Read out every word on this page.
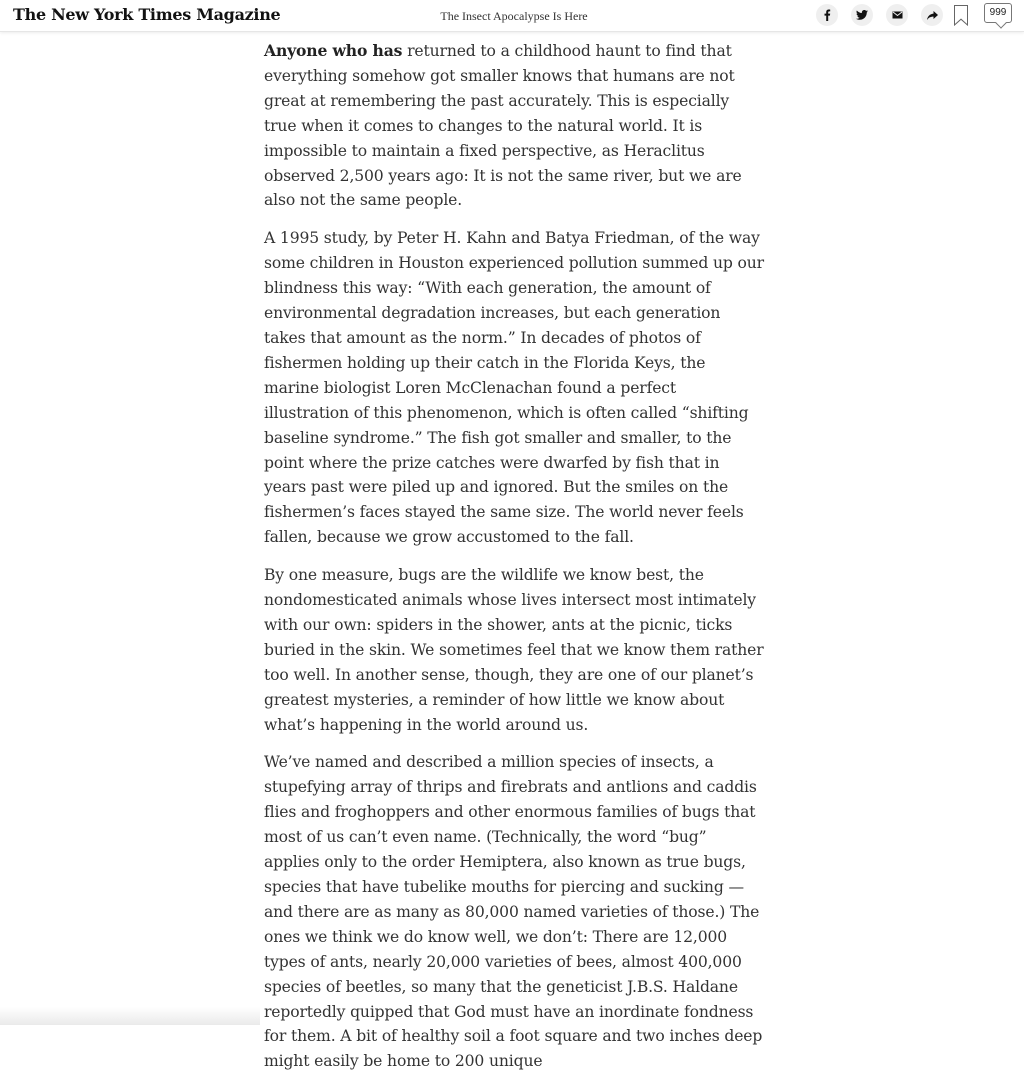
The New York Times Magazine	The Insect Apocalypse Is Here	999

Anyone who has returned to a childhood haunt to find that everything somehow got smaller knows that humans are not great at remembering the past accurately. This is especially true when it comes to changes to the natural world. It is impossible to maintain a fixed perspective, as Heraclitus observed 2,500 years ago: It is not the same river, but we are also not the same people.

A 1995 study, by Peter H. Kahn and Batya Friedman, of the way some children in Houston experienced pollution summed up our blindness this way: “With each generation, the amount of environmental degradation increases, but each generation takes that amount as the norm.” In decades of photos of fishermen holding up their catch in the Florida Keys, the marine biologist Loren McClenachan found a perfect illustration of this phenomenon, which is often called “shifting baseline syndrome.” The fish got smaller and smaller, to the point where the prize catches were dwarfed by fish that in years past were piled up and ignored. But the smiles on the fishermen’s faces stayed the same size. The world never feels fallen, because we grow accustomed to the fall.

By one measure, bugs are the wildlife we know best, the nondomesticated animals whose lives intersect most intimately with our own: spiders in the shower, ants at the picnic, ticks buried in the skin. We sometimes feel that we know them rather too well. In another sense, though, they are one of our planet’s greatest mysteries, a reminder of how little we know about what’s happening in the world around us.

We’ve named and described a million species of insects, a stupefying array of thrips and firebrats and antlions and caddis flies and froghoppers and other enormous families of bugs that most of us can’t even name. (Technically, the word “bug” applies only to the order Hemiptera, also known as true bugs, species that have tubelike mouths for piercing and sucking — and there are as many as 80,000 named varieties of those.) The ones we think we do know well, we don’t: There are 12,000 types of ants, nearly 20,000 varieties of bees, almost 400,000 species of beetles, so many that the geneticist J.B.S. Haldane reportedly quipped that God must have an inordinate fondness for them. A bit of healthy soil a foot square and two inches deep might easily be home to 200 unique
